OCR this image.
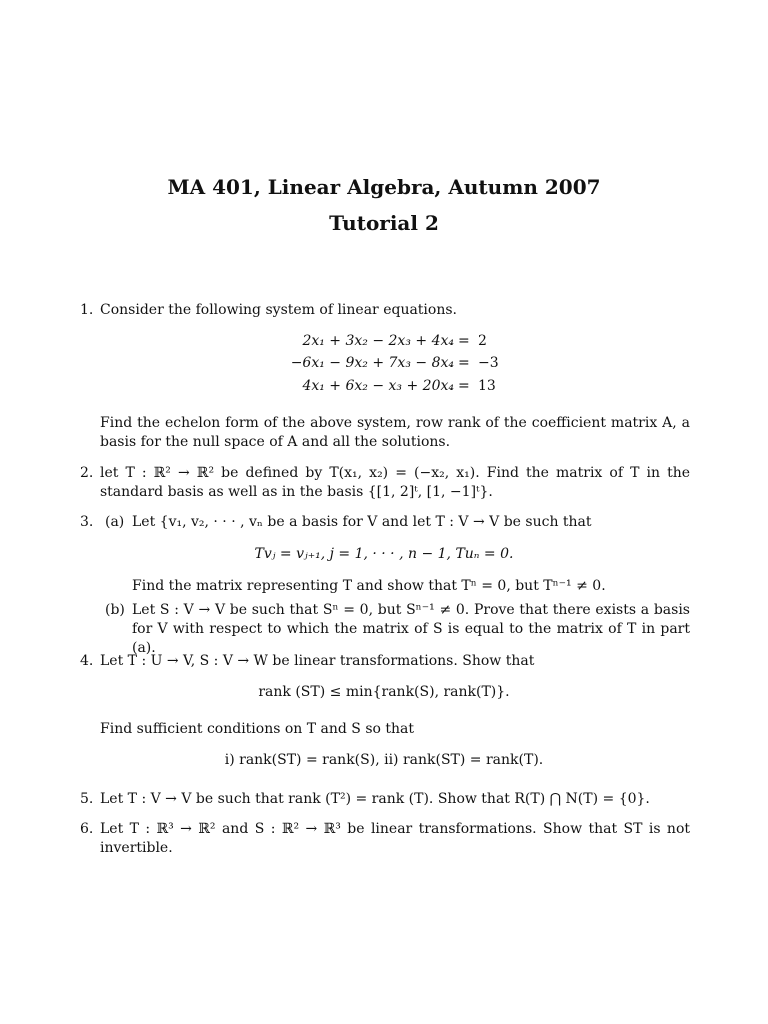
MA 401, Linear Algebra, Autumn 2007
Tutorial 2
1. Consider the following system of linear equations.
2x₁ + 3x₂ − 2x₃ + 4x₄ = 2
−6x₁ − 9x₂ + 7x₃ − 8x₄ = −3
4x₁ + 6x₂ − x₃ + 20x₄ = 13
Find the echelon form of the above system, row rank of the coefficient matrix A, a basis for the null space of A and all the solutions.
2. let T : ℝ² → ℝ² be defined by T(x₁, x₂) = (−x₂, x₁). Find the matrix of T in the standard basis as well as in the basis {[1, 2]ᵗ, [1, −1]ᵗ}.
3. (a) Let {v₁, v₂, · · · , vₙ be a basis for V and let T : V → V be such that
Tvⱼ = vⱼ₊₁, j = 1, · · · , n − 1, Tuₙ = 0.
Find the matrix representing T and show that Tⁿ = 0, but Tⁿ⁻¹ ≠ 0.
(b) Let S : V → V be such that Sⁿ = 0, but Sⁿ⁻¹ ≠ 0. Prove that there exists a basis for V with respect to which the matrix of S is equal to the matrix of T in part (a).
4. Let T : U → V, S : V → W be linear transformations. Show that
rank (ST) ≤ min{rank(S), rank(T)}.
Find sufficient conditions on T and S so that
i) rank(ST) = rank(S), ii) rank(ST) = rank(T).
5. Let T : V → V be such that rank (T²) = rank (T). Show that R(T) ⋂ N(T) = {0}.
6. Let T : ℝ³ → ℝ² and S : ℝ² → ℝ³ be linear transformations. Show that ST is not invertible.
